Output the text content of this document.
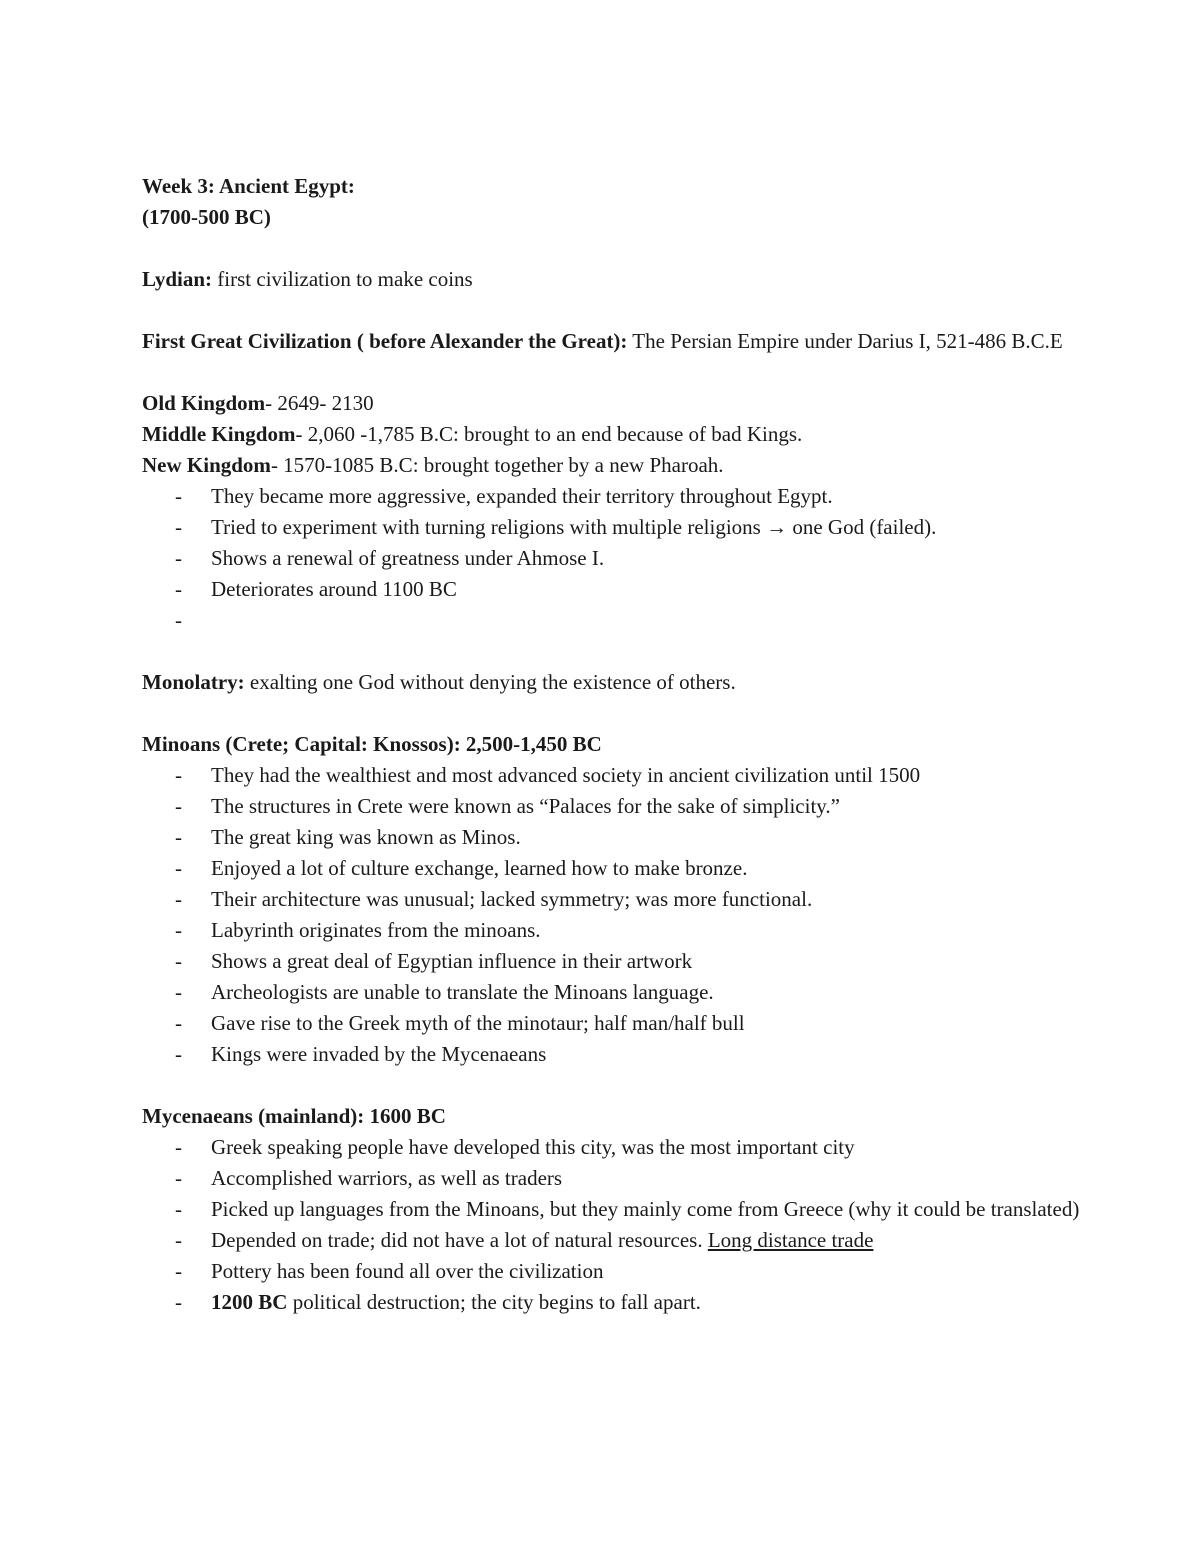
Week 3: Ancient Egypt:
(1700-500 BC)
Lydian: first civilization to make coins
First Great Civilization ( before Alexander the Great): The Persian Empire under Darius I, 521-486 B.C.E
Old Kingdom- 2649- 2130
Middle Kingdom- 2,060 -1,785 B.C: brought to an end because of bad Kings.
New Kingdom- 1570-1085 B.C: brought together by a new Pharoah.
- They became more aggressive, expanded their territory throughout Egypt.
- Tried to experiment with turning religions with multiple religions → one God (failed).
- Shows a renewal of greatness under Ahmose I.
- Deteriorates around 1100 BC
-
Monolatry: exalting one God without denying the existence of others.
Minoans (Crete; Capital: Knossos): 2,500-1,450 BC
- They had the wealthiest and most advanced society in ancient civilization until 1500
- The structures in Crete were known as “Palaces for the sake of simplicity.”
- The great king was known as Minos.
- Enjoyed a lot of culture exchange, learned how to make bronze.
- Their architecture was unusual; lacked symmetry; was more functional.
- Labyrinth originates from the minoans.
- Shows a great deal of Egyptian influence in their artwork
- Archeologists are unable to translate the Minoans language.
- Gave rise to the Greek myth of the minotaur; half man/half bull
- Kings were invaded by the Mycenaeans
Mycenaeans (mainland): 1600 BC
- Greek speaking people have developed this city, was the most important city
- Accomplished warriors, as well as traders
- Picked up languages from the Minoans, but they mainly come from Greece (why it could be translated)
- Depended on trade; did not have a lot of natural resources. Long distance trade
- Pottery has been found all over the civilization
- 1200 BC political destruction; the city begins to fall apart.
